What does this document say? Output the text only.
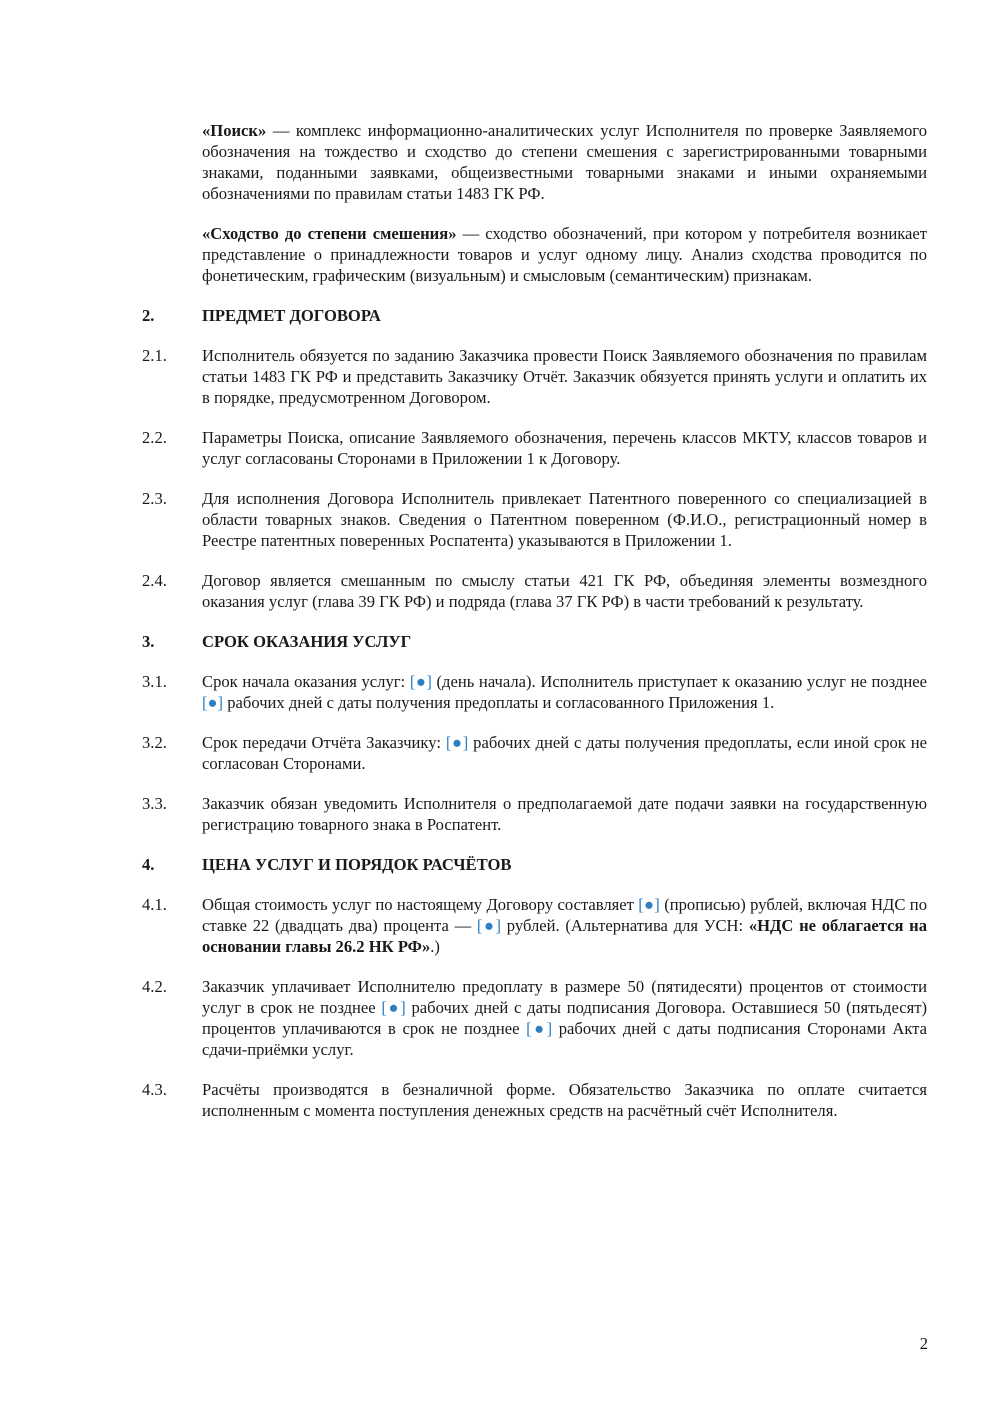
«Поиск» — комплекс информационно-аналитических услуг Исполнителя по проверке Заявляемого обозначения на тождество и сходство до степени смешения с зарегистрированными товарными знаками, поданными заявками, общеизвестными товарными знаками и иными охраняемыми обозначениями по правилам статьи 1483 ГК РФ.

«Сходство до степени смешения» — сходство обозначений, при котором у потребителя возникает представление о принадлежности товаров и услуг одному лицу. Анализ сходства проводится по фонетическим, графическим (визуальным) и смысловым (семантическим) признакам.

2.	ПРЕДМЕТ ДОГОВОРА
2.1.	Исполнитель обязуется по заданию Заказчика провести Поиск Заявляемого обозначения по правилам статьи 1483 ГК РФ и представить Заказчику Отчёт. Заказчик обязуется принять услуги и оплатить их в порядке, предусмотренном Договором.
2.2.	Параметры Поиска, описание Заявляемого обозначения, перечень классов МКТУ, классов товаров и услуг согласованы Сторонами в Приложении 1 к Договору.
2.3.	Для исполнения Договора Исполнитель привлекает Патентного поверенного со специализацией в области товарных знаков. Сведения о Патентном поверенном (Ф.И.О., регистрационный номер в Реестре патентных поверенных Роспатента) указываются в Приложении 1.
2.4.	Договор является смешанным по смыслу статьи 421 ГК РФ, объединяя элементы возмездного оказания услуг (глава 39 ГК РФ) и подряда (глава 37 ГК РФ) в части требований к результату.
3.	СРОК ОКАЗАНИЯ УСЛУГ
3.1.	Срок начала оказания услуг: [●] (день начала). Исполнитель приступает к оказанию услуг не позднее [●] рабочих дней с даты получения предоплаты и согласованного Приложения 1.
3.2.	Срок передачи Отчёта Заказчику: [●] рабочих дней с даты получения предоплаты, если иной срок не согласован Сторонами.
3.3.	Заказчик обязан уведомить Исполнителя о предполагаемой дате подачи заявки на государственную регистрацию товарного знака в Роспатент.
4.	ЦЕНА УСЛУГ И ПОРЯДОК РАСЧЁТОВ
4.1.	Общая стоимость услуг по настоящему Договору составляет [●] (прописью) рублей, включая НДС по ставке 22 (двадцать два) процента — [●] рублей. (Альтернатива для УСН: «НДС не облагается на основании главы 26.2 НК РФ».)
4.2.	Заказчик уплачивает Исполнителю предоплату в размере 50 (пятидесяти) процентов от стоимости услуг в срок не позднее [●] рабочих дней с даты подписания Договора. Оставшиеся 50 (пятьдесят) процентов уплачиваются в срок не позднее [●] рабочих дней с даты подписания Сторонами Акта сдачи-приёмки услуг.
4.3.	Расчёты производятся в безналичной форме. Обязательство Заказчика по оплате считается исполненным с момента поступления денежных средств на расчётный счёт Исполнителя.
2
